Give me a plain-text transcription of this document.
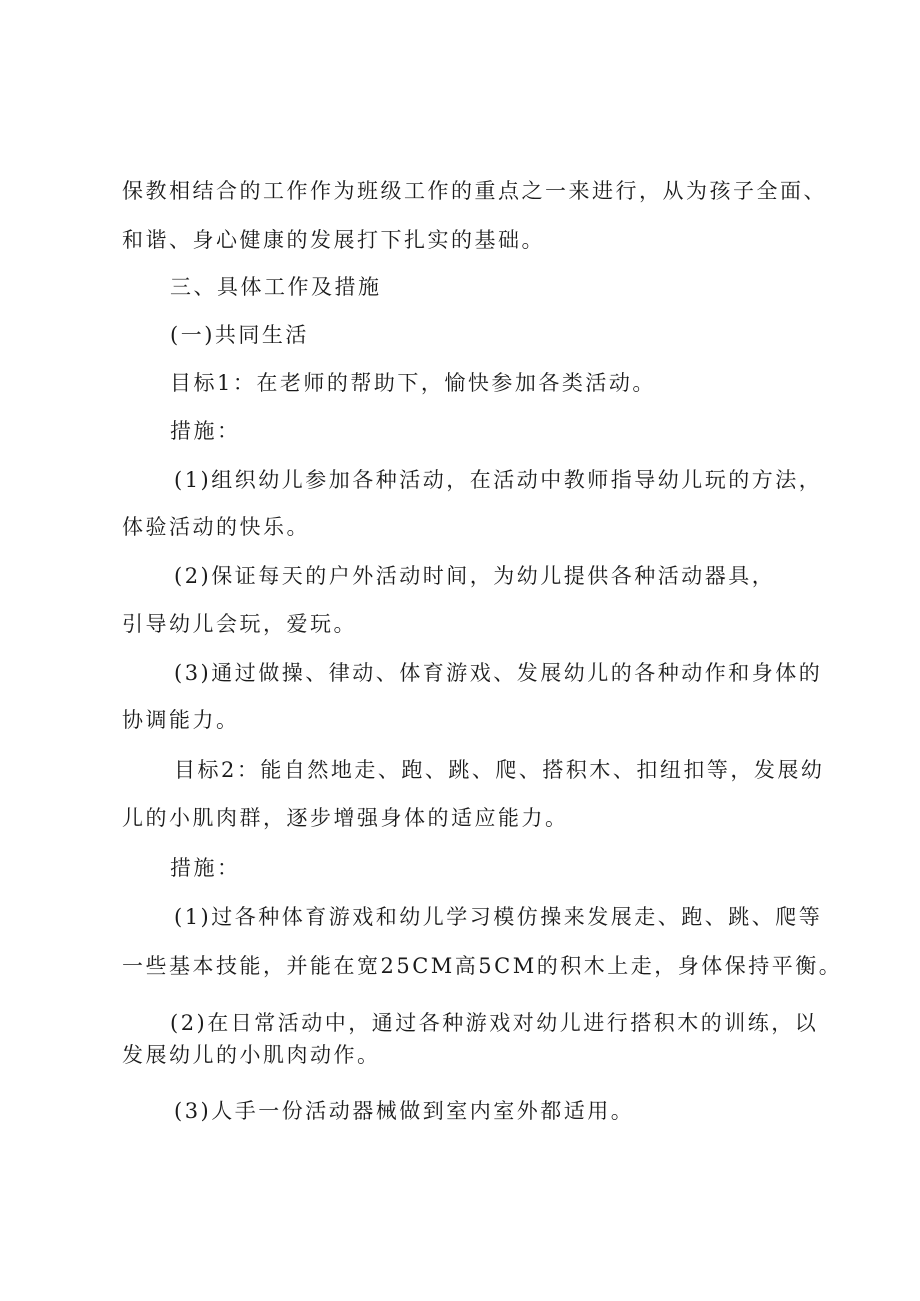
保教相结合的工作作为班级工作的重点之一来进行，从为孩子全面、

和谐、身心健康的发展打下扎实的基础。

三、具体工作及措施

(一)共同生活

目标1：在老师的帮助下，愉快参加各类活动。

措施：

(1)组织幼儿参加各种活动，在活动中教师指导幼儿玩的方法，

体验活动的快乐。

(2)保证每天的户外活动时间，为幼儿提供各种活动器具，

引导幼儿会玩，爱玩。

(3)通过做操、律动、体育游戏、发展幼儿的各种动作和身体的

协调能力。

目标2：能自然地走、跑、跳、爬、搭积木、扣纽扣等，发展幼

儿的小肌肉群，逐步增强身体的适应能力。

措施：

(1)过各种体育游戏和幼儿学习模仿操来发展走、跑、跳、爬等

一些基本技能，并能在宽25CM高5CM的积木上走，身体保持平衡。

(2)在日常活动中，通过各种游戏对幼儿进行搭积木的训练，以

发展幼儿的小肌肉动作。

(3)人手一份活动器械做到室内室外都适用。
